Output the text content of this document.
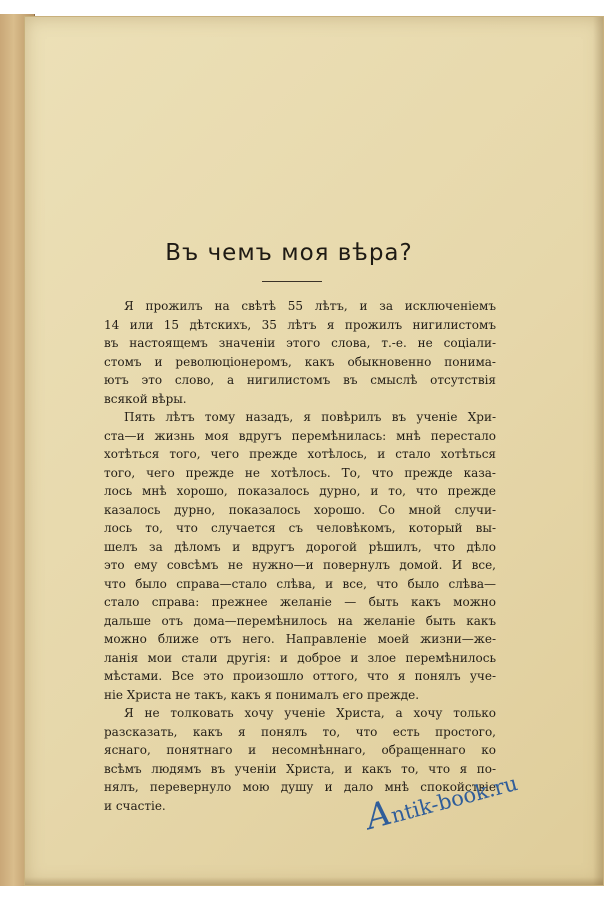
Въ чемъ моя вѣра?
Я прожилъ на свѣтѣ 55 лѣтъ, и за исключеніемъ
14 или 15 дѣтскихъ, 35 лѣтъ я прожилъ нигилистомъ
въ настоящемъ значеніи этого слова, т.-е. не соціали-
стомъ и революціонеромъ, какъ обыкновенно понима-
ютъ это слово, а нигилистомъ въ смыслѣ отсутствія
всякой вѣры.
Пять лѣтъ тому назадъ, я повѣрилъ въ ученіе Хри-
ста—и жизнь моя вдругъ перемѣнилась: мнѣ перестало
хотѣться того, чего прежде хотѣлось, и стало хотѣться
того, чего прежде не хотѣлось. То, что прежде каза-
лось мнѣ хорошо, показалось дурно, и то, что прежде
казалось дурно, показалось хорошо. Со мной случи-
лось то, что случается съ человѣкомъ, который вы-
шелъ за дѣломъ и вдругъ дорогой рѣшилъ, что дѣло
это ему совсѣмъ не нужно—и повернулъ домой. И все,
что было справа—стало слѣва, и все, что было слѣва—
стало справа: прежнее желаніе — быть какъ можно
дальше отъ дома—перемѣнилось на желаніе быть какъ
можно ближе отъ него. Направленіе моей жизни—же-
ланія мои стали другія: и доброе и злое перемѣнилось
мѣстами. Все это произошло оттого, что я понялъ уче-
ніе Христа не такъ, какъ я понималъ его прежде.
Я не толковать хочу ученіе Христа, а хочу только
разсказать, какъ я понялъ то, что есть простого,
яснаго, понятнаго и несомнѣннаго, обращеннаго ко
всѣмъ людямъ въ ученіи Христа, и какъ то, что я по-
нялъ, перевернуло мою душу и дало мнѣ спокойствіе
и счастіе.	Antik-book.ru
